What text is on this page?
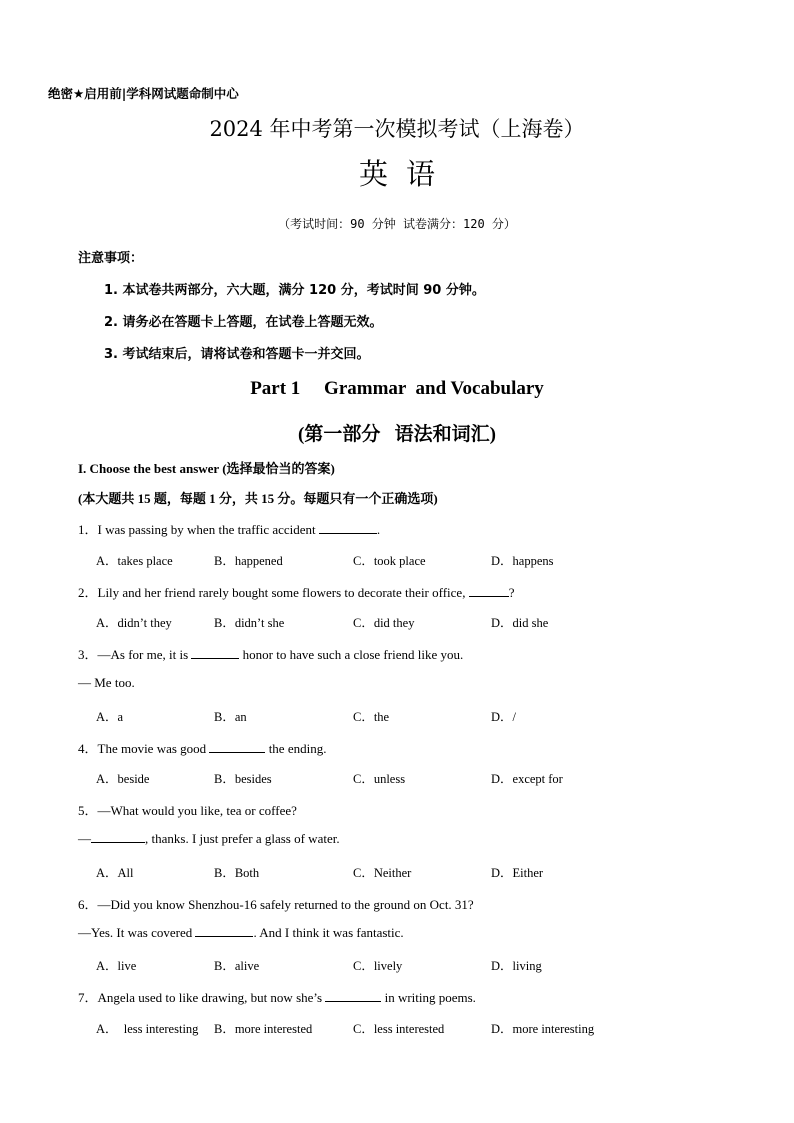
绝密★启用前|学科网试题命制中心
2024 年中考第一次模拟考试（上海卷）
英语
（考试时间：90 分钟 试卷满分：120 分）
注意事项：
1. 本试卷共两部分，六大题，满分 120 分，考试时间 90 分钟。
2. 请务必在答题卡上答题，在试卷上答题无效。
3. 考试结束后，请将试卷和答题卡一并交回。
Part 1     Grammar  and Vocabulary
(第一部分   语法和词汇)
I. Choose the best answer (选择最恰当的答案)
(本大题共 15 题，每题 1 分，共 15 分。每题只有一个正确选项)
1．I was passing by when the traffic accident	.
A．takes place	B．happened	C．took place	D．happens
2．Lily and her friend rarely bought some flowers to decorate their office,	?
A．didn’t they	B．didn’t she	C．did they	D．did she
3．—As for me, it is	honor to have such a close friend like you.
— Me too.
A．a	B．an	C．the	D．/
4．The movie was good	the ending.
A．beside	B．besides	C．unless	D．except for
5．—What would you like, tea or coffee?
—	, thanks. I just prefer a glass of water.
A．All	B．Both	C．Neither	D．Either
6．—Did you know Shenzhou-16 safely returned to the ground on Oct. 31?
—Yes. It was covered	. And I think it was fantastic.
A．live	B．alive	C．lively	D．living
7．Angela used to like drawing, but now she’s	in writing poems.
A．  less interesting B．more interested	C．less interested	D．more interesting
